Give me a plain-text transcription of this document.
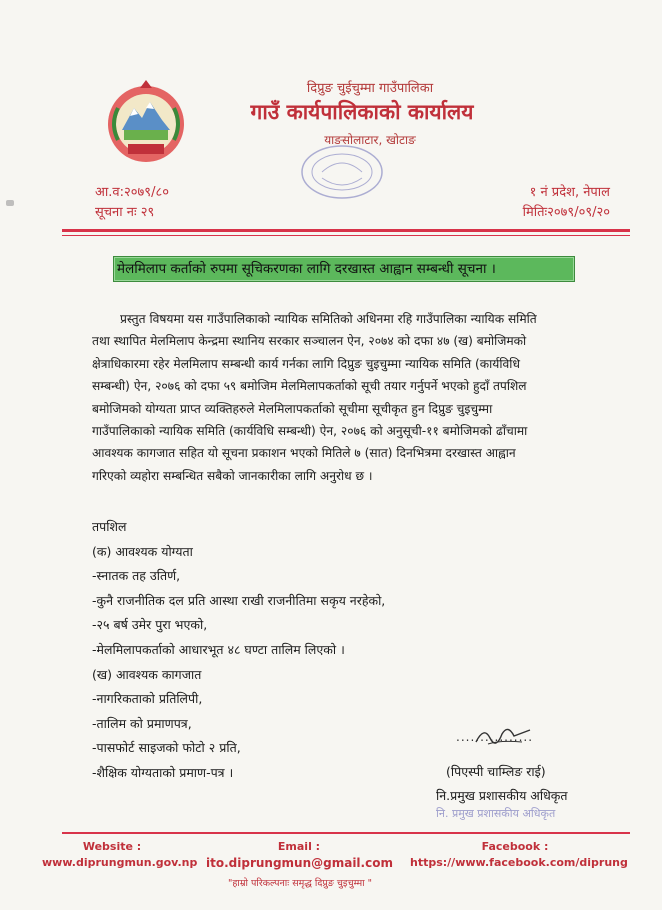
दिप्रुङ चुईचुम्मा गाउँपालिका
गाउँ कार्यपालिकाको कार्यालय
याङसोलाटार, खोटाङ
आ.व:२०७९/८०
सूचना नः २९
१ नं प्रदेश, नेपाल
मितिः२०७९/०९/२०
मेलमिलाप कर्ताको रुपमा सूचिकरणका लागि दरखास्त आह्वान सम्बन्धी सूचना ।
प्रस्तुत विषयमा यस गाउँपालिकाको न्यायिक समितिको अधिनमा रहि गाउँपालिका न्यायिक समिति
तथा स्थापित मेलमिलाप केन्द्रमा स्थानिय सरकार सञ्चालन ऐन, २०७४ को दफा ४७ (ख) बमोजिमको
क्षेत्राधिकारमा रहेर मेलमिलाप सम्बन्धी कार्य गर्नका लागि दिप्रुङ चुइचुम्मा न्यायिक समिति (कार्यविधि
सम्बन्धी) ऐन, २०७६ को दफा ५९ बमोजिम मेलमिलापकर्ताको सूची तयार गर्नुपर्ने भएको हुदाँ तपशिल
बमोजिमको योग्यता प्राप्त व्यक्तिहरुले मेलमिलापकर्ताको सूचीमा सूचीकृत हुन दिप्रुङ चुइचुम्मा
गाउँपालिकाको न्यायिक समिति (कार्यविधि सम्बन्धी) ऐन, २०७६ को अनुसूची-११ बमोजिमको ढाँचामा
आवश्यक कागजात सहित यो सूचना प्रकाशन भएको मितिले ७ (सात) दिनभित्रमा दरखास्त आह्वान
गरिएको व्यहोरा सम्बन्धित सबैको जानकारीका लागि अनुरोध छ ।
तपशिल
(क) आवश्यक योग्यता
-स्नातक तह उतिर्ण,
-कुनै राजनीतिक दल प्रति आस्था राखी राजनीतिमा सकृय नरहेको,
-२५ बर्ष उमेर पुरा भएको,
-मेलमिलापकर्ताको आधारभूत ४८ घण्टा तालिम लिएको ।
(ख) आवश्यक कागजात
-नागरिकताको प्रतिलिपी,
-तालिम को प्रमाणपत्र,
-पासफोर्ट साइजको फोटो २ प्रति,
-शैक्षिक योग्यताको प्रमाण-पत्र ।
................
(पिएस्पी चाम्लिङ राई)
नि.प्रमुख प्रशासकीय अधिकृत
नि. प्रमुख प्रशासकीय अधिकृत
Website :
www.diprungmun.gov.np
Email :
ito.diprungmun@gmail.com
Facebook :
https://www.facebook.com/diprung
"हाम्रो परिकल्पनाः समृद्ध दिप्रुङ चुइचुम्मा "
